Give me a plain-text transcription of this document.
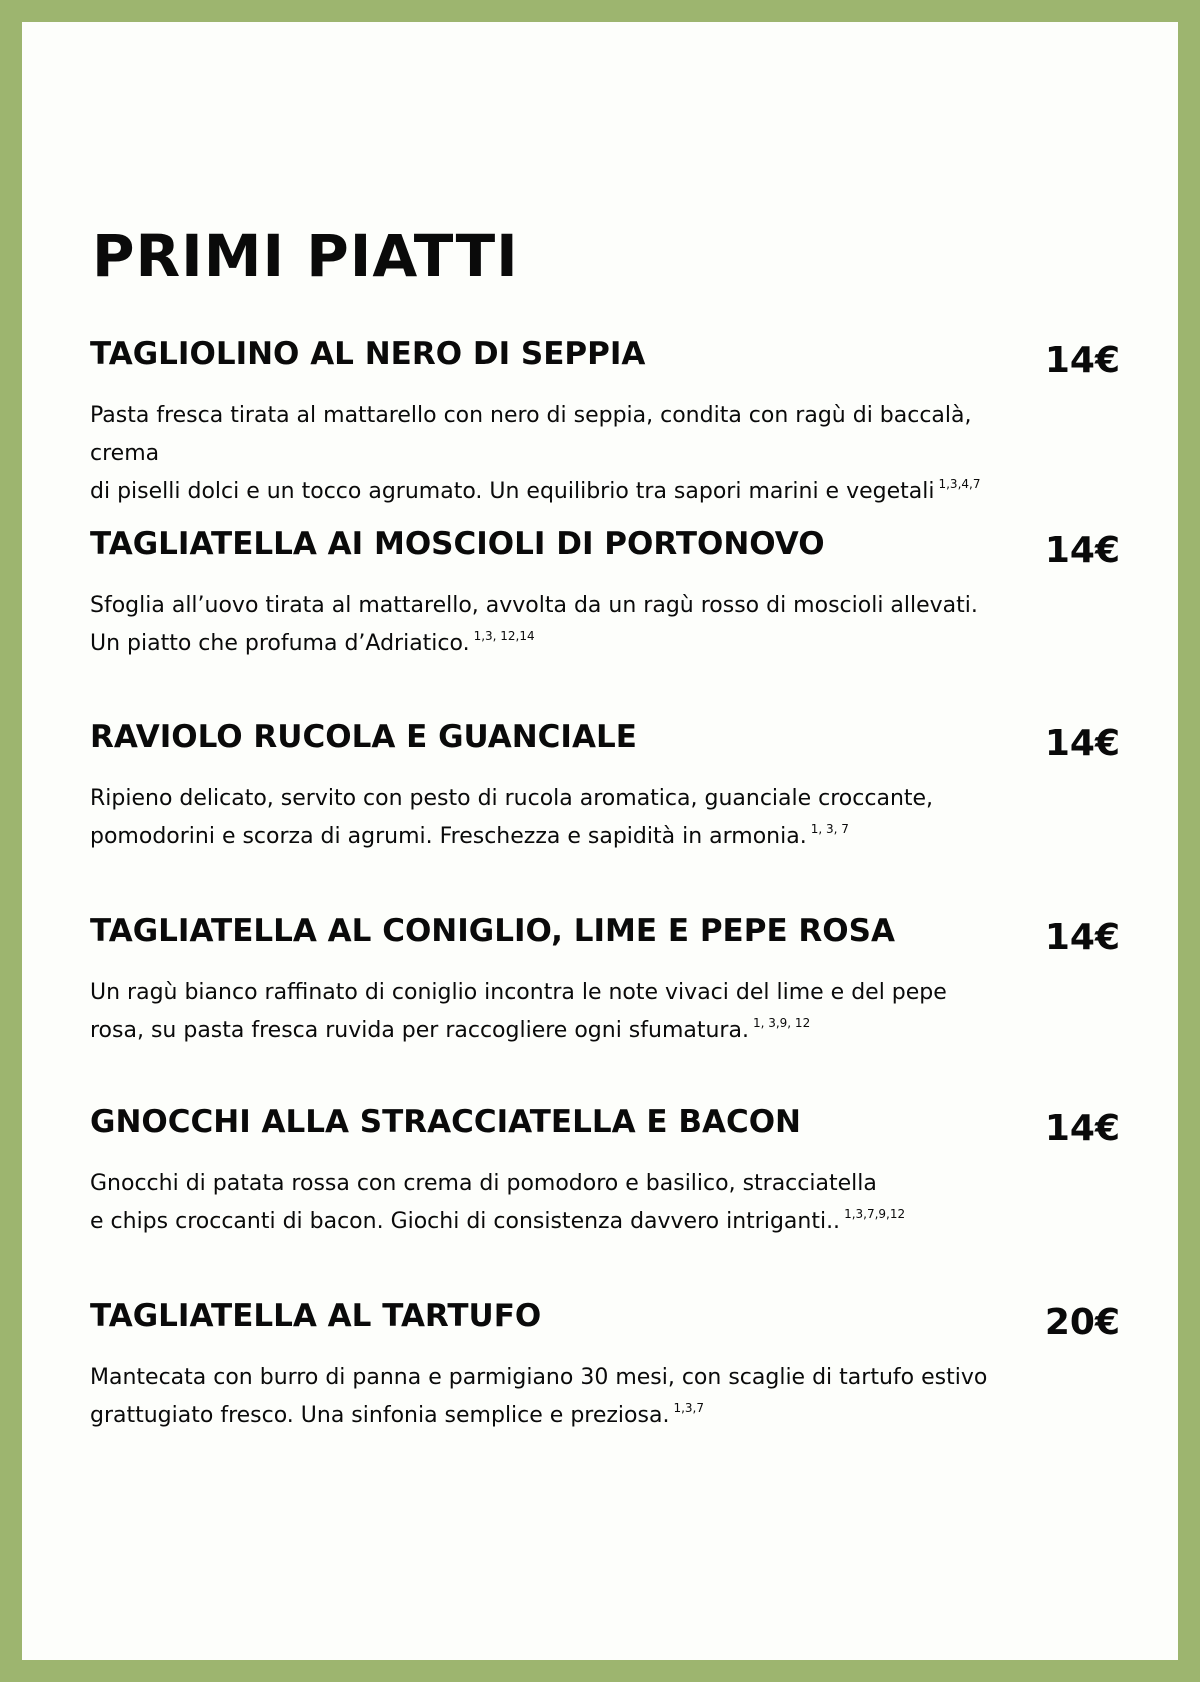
PRIMI PIATTI
TAGLIOLINO AL NERO DI SEPPIA	14€

Pasta fresca tirata al mattarello con nero di seppia, condita con ragù di baccalà, crema
di piselli dolci e un tocco agrumato. Un equilibrio tra sapori marini e vegetali $^{1,3,4,7}$

TAGLIATELLA AI MOSCIOLI DI PORTONOVO	14€

Sfoglia all’uovo tirata al mattarello, avvolta da un ragù rosso di moscioli allevati.
Un piatto che profuma d’Adriatico. $^{1,3, 12,14}$

RAVIOLO RUCOLA E GUANCIALE	14€

Ripieno delicato, servito con pesto di rucola aromatica, guanciale croccante,
pomodorini e scorza di agrumi. Freschezza e sapidità in armonia. $^{1, 3, 7}$

TAGLIATELLA AL CONIGLIO, LIME E PEPE ROSA	14€

Un ragù bianco raffinato di coniglio incontra le note vivaci del lime e del pepe
rosa, su pasta fresca ruvida per raccogliere ogni sfumatura. $^{1, 3,9, 12}$

GNOCCHI ALLA STRACCIATELLA E BACON	14€

Gnocchi di patata rossa con crema di pomodoro e basilico, stracciatella
e chips croccanti di bacon. Giochi di consistenza davvero intriganti.. $^{1,3,7,9,12}$

TAGLIATELLA AL TARTUFO	20€

Mantecata con burro di panna e parmigiano 30 mesi, con scaglie di tartufo estivo
grattugiato fresco. Una sinfonia semplice e preziosa. $^{1,3,7}$
